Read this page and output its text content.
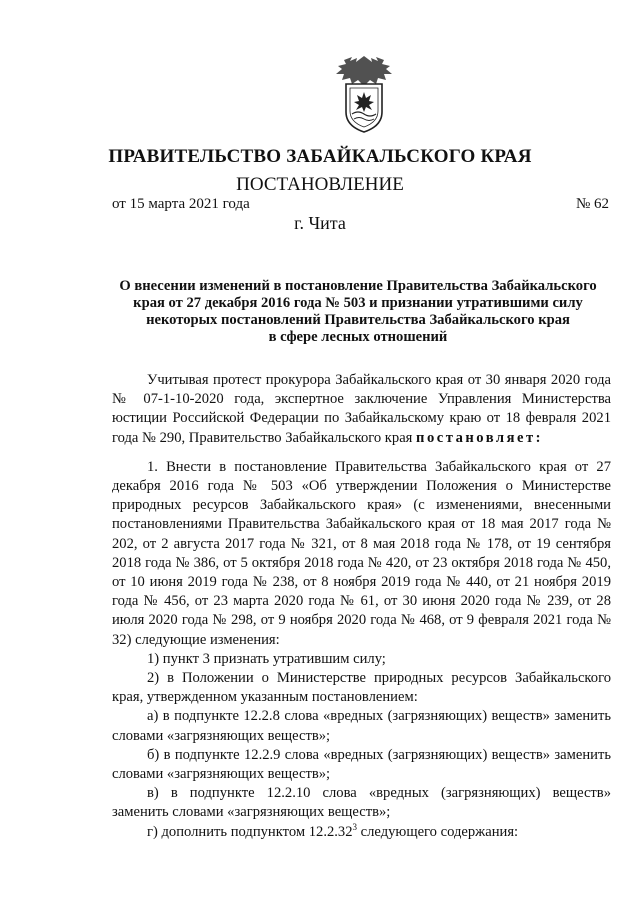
ПРАВИТЕЛЬСТВО ЗАБАЙКАЛЬСКОГО КРАЯ
ПОСТАНОВЛЕНИЕ
от 15 марта 2021 года	№ 62
г. Чита
О внесении изменений в постановление Правительства Забайкальского
края от 27 декабря 2016 года № 503 и признании утратившими силу
некоторых постановлений Правительства Забайкальского края
в сфере лесных отношений

Учитывая протест прокурора Забайкальского края от 30 января 2020 года № 07-1-10-2020 года, экспертное заключение Управления Министерства юстиции Российской Федерации по Забайкальскому краю от 18 февраля 2021 года № 290, Правительство Забайкальского края постановляет:

1. Внести в постановление Правительства Забайкальского края от 27 декабря 2016 года № 503 «Об утверждении Положения о Министерстве природных ресурсов Забайкальского края» (с изменениями, внесенными постановлениями Правительства Забайкальского края от 18 мая 2017 года № 202, от 2 августа 2017 года № 321, от 8 мая 2018 года № 178, от 19 сентября 2018 года № 386, от 5 октября 2018 года № 420, от 23 октября 2018 года № 450, от 10 июня 2019 года № 238, от 8 ноября 2019 года № 440, от 21 ноября 2019 года № 456, от 23 марта 2020 года № 61, от 30 июня 2020 года № 239, от 28 июля 2020 года № 298, от 9 ноября 2020 года № 468, от 9 февраля 2021 года № 32) следующие изменения:

1) пункт 3 признать утратившим силу;

2) в Положении о Министерстве природных ресурсов Забайкальского края, утвержденном указанным постановлением:

а) в подпункте 12.2.8 слова «вредных (загрязняющих) веществ» заменить словами «загрязняющих веществ»;

б) в подпункте 12.2.9 слова «вредных (загрязняющих) веществ» заменить словами «загрязняющих веществ»;

в) в подпункте 12.2.10 слова «вредных (загрязняющих) веществ» заменить словами «загрязняющих веществ»;

г) дополнить подпунктом 12.2.32$^3$ следующего содержания:
